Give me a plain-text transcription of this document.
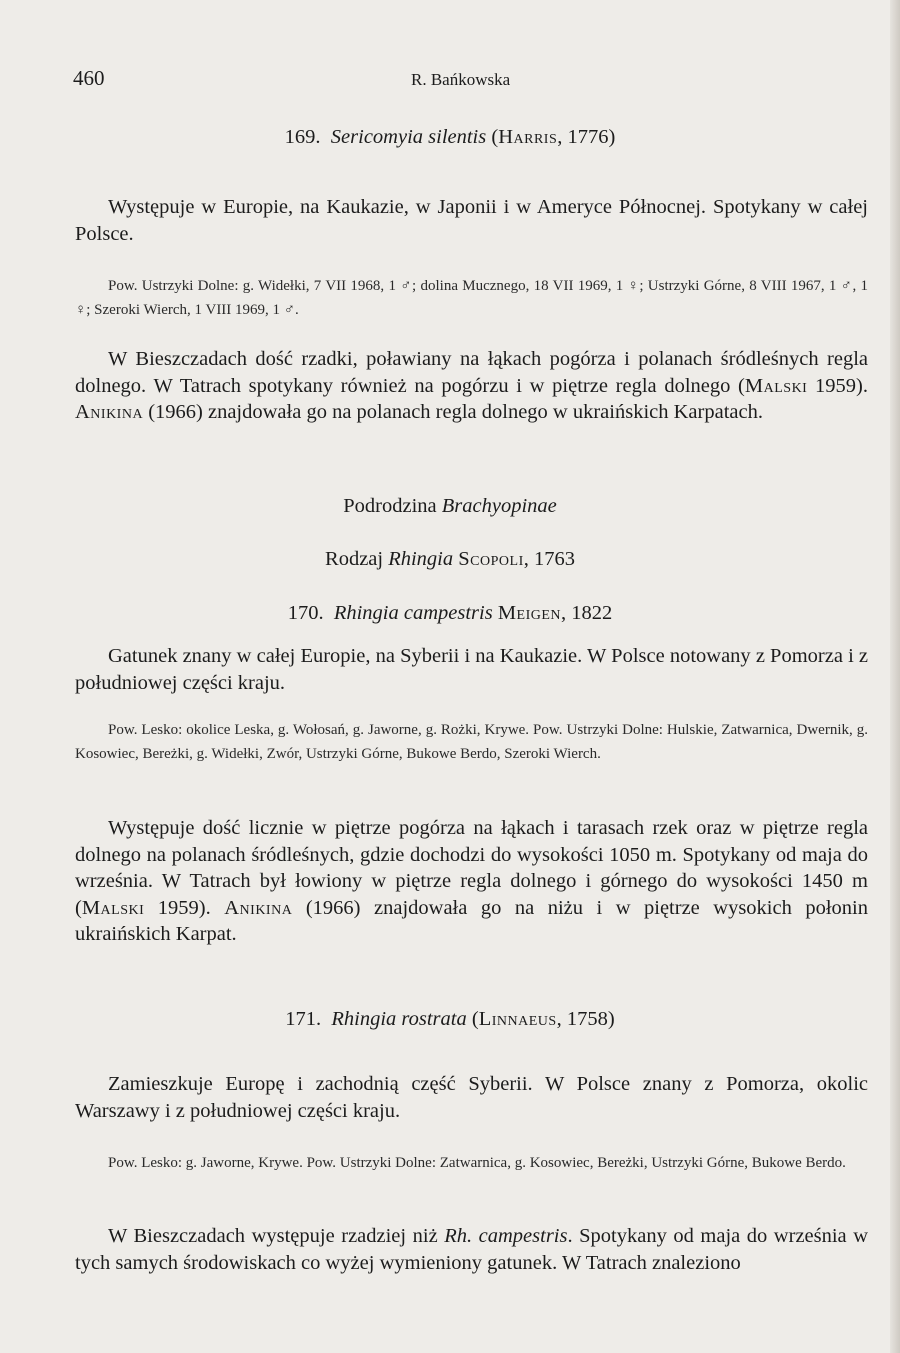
460	R. Bańkowska
169. Sericomyia silentis (Harris, 1776)

Występuje w Europie, na Kaukazie, w Japonii i w Ameryce Północnej. Spotykany w całej Polsce.

Pow. Ustrzyki Dolne: g. Widełki, 7 VII 1968, 1 ♂; dolina Mucznego, 18 VII 1969, 1 ♀; Ustrzyki Górne, 8 VIII 1967, 1 ♂, 1 ♀; Szeroki Wierch, 1 VIII 1969, 1 ♂.

W Bieszczadach dość rzadki, poławiany na łąkach pogórza i polanach śródleśnych regla dolnego. W Tatrach spotykany również na pogórzu i w piętrze regla dolnego (Malski 1959). Anikina (1966) znajdowała go na polanach regla dolnego w ukraińskich Karpatach.

Podrodzina Brachyopinae
Rodzaj Rhingia Scopoli, 1763
170. Rhingia campestris Meigen, 1822

Gatunek znany w całej Europie, na Syberii i na Kaukazie. W Polsce notowany z Pomorza i z południowej części kraju.

Pow. Lesko: okolice Leska, g. Wołosań, g. Jaworne, g. Rożki, Krywe. Pow. Ustrzyki Dolne: Hulskie, Zatwarnica, Dwernik, g. Kosowiec, Bereżki, g. Widełki, Zwór, Ustrzyki Górne, Bukowe Berdo, Szeroki Wierch.

Występuje dość licznie w piętrze pogórza na łąkach i tarasach rzek oraz w piętrze regla dolnego na polanach śródleśnych, gdzie dochodzi do wysokości 1050 m. Spotykany od maja do września. W Tatrach był łowiony w piętrze regla dolnego i górnego do wysokości 1450 m (Malski 1959). Anikina (1966) znajdowała go na niżu i w piętrze wysokich połonin ukraińskich Karpat.

171. Rhingia rostrata (Linnaeus, 1758)

Zamieszkuje Europę i zachodnią część Syberii. W Polsce znany z Pomorza, okolic Warszawy i z południowej części kraju.

Pow. Lesko: g. Jaworne, Krywe. Pow. Ustrzyki Dolne: Zatwarnica, g. Kosowiec, Bereżki, Ustrzyki Górne, Bukowe Berdo.

W Bieszczadach występuje rzadziej niż Rh. campestris. Spotykany od maja do września w tych samych środowiskach co wyżej wymieniony gatunek. W Tatrach znaleziono
